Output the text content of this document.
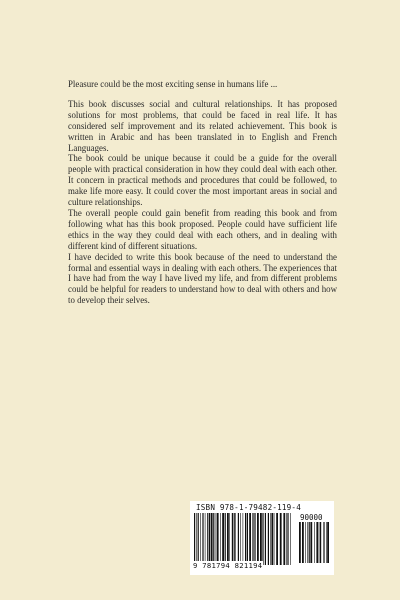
Pleasure could be the most exciting sense in humans life ...

This book discusses social and cultural relationships. It has proposed solutions for most problems, that could be faced in real life. It has considered self improvement and its related achievement. This book is written in Arabic and has been translated in to English and French Languages.

The book could be unique because it could be a guide for the overall people with practical consideration in how they could deal with each other. It concern in practical methods and procedures that could be followed, to make life more easy. It could cover the most important areas in social and culture relationships.

The overall people could gain benefit from reading this book and from following what has this book proposed. People could have sufficient life ethics in the way they could deal with each others, and in dealing with different kind of different situations.

I have decided to write this book because of the need to understand the formal and essential ways in dealing with each others. The experiences that I have had from the way I have lived my life, and from different problems could be helpful for readers to understand how to deal with others and how to develop their selves.

ISBN 978-1-79482-119-4
90000
9 781794 821194
